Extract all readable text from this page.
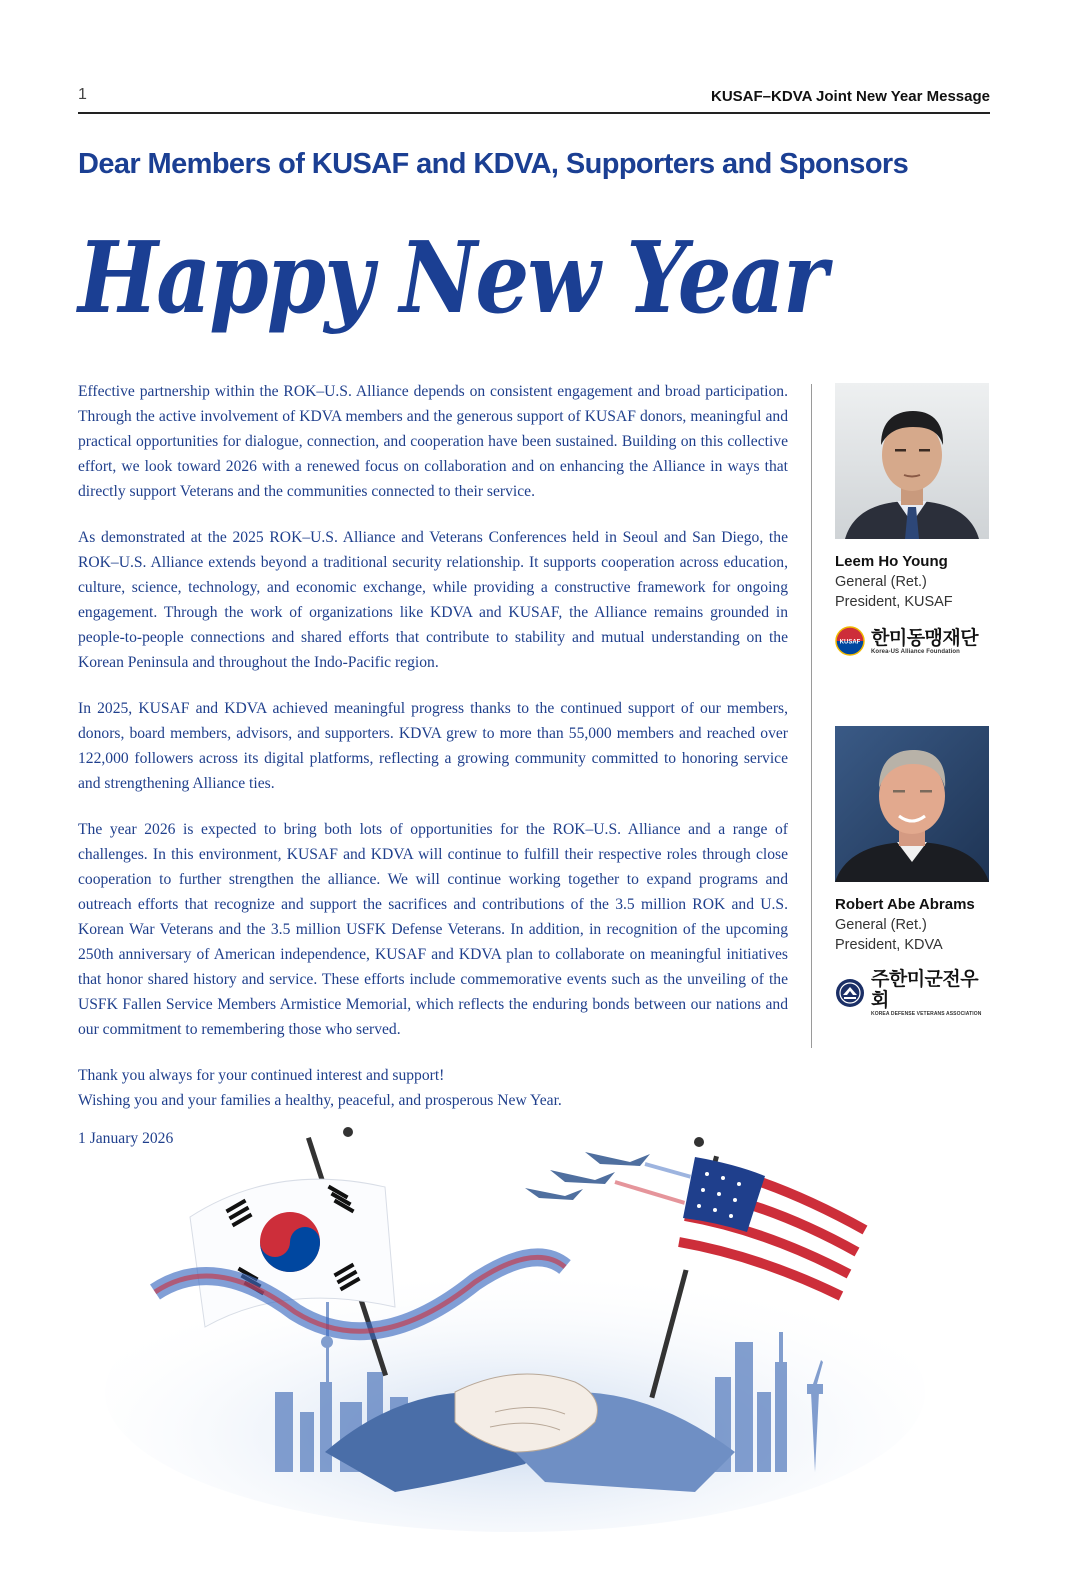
1	KUSAF–KDVA Joint New Year Message
Dear Members of KUSAF and KDVA, Supporters and Sponsors
Happy New Year

Effective partnership within the ROK–U.S. Alliance depends on consistent engagement and broad participation. Through the active involvement of KDVA members and the generous support of KUSAF donors, meaningful and practical opportunities for dialogue, connection, and cooperation have been sustained. Building on this collective effort, we look toward 2026 with a renewed focus on collaboration and on enhancing the Alliance in ways that directly support Veterans and the communities connected to their service.

As demonstrated at the 2025 ROK–U.S. Alliance and Veterans Conferences held in Seoul and San Diego, the ROK–U.S. Alliance extends beyond a traditional security relationship. It supports cooperation across education, culture, science, technology, and economic exchange, while providing a constructive framework for ongoing engagement. Through the work of organizations like KDVA and KUSAF, the Alliance remains grounded in people-to-people connections and shared efforts that contribute to stability and mutual understanding on the Korean Peninsula and throughout the Indo-Pacific region.

In 2025, KUSAF and KDVA achieved meaningful progress thanks to the continued support of our members, donors, board members, advisors, and supporters. KDVA grew to more than 55,000 members and reached over 122,000 followers across its digital platforms, reflecting a growing community committed to honoring service and strengthening Alliance ties.

The year 2026 is expected to bring both lots of opportunities for the ROK–U.S. Alliance and a range of challenges. In this environment, KUSAF and KDVA will continue to fulfill their respective roles through close cooperation to further strengthen the alliance. We will continue working together to expand programs and outreach efforts that recognize and support the sacrifices and contributions of the 3.5 million ROK and U.S. Korean War Veterans and the 3.5 million USFK Defense Veterans. In addition, in recognition of the upcoming 250th anniversary of American independence, KUSAF and KDVA plan to collaborate on meaningful initiatives that honor shared history and service. These efforts include commemorative events such as the unveiling of the USFK Fallen Service Members Armistice Memorial, which reflects the enduring bonds between our nations and our commitment to remembering those who served.

Thank you always for your continued interest and support!
Wishing you and your families a healthy, peaceful, and prosperous New Year.

1 January 2026
Leem Ho Young
General (Ret.)
President, KUSAF
KUSAF 한미동맹재단
Korea-US Alliance Foundation
Robert Abe Abrams
General (Ret.)
President, KDVA
주한미군전우회
KOREA DEFENSE VETERANS ASSOCIATION
